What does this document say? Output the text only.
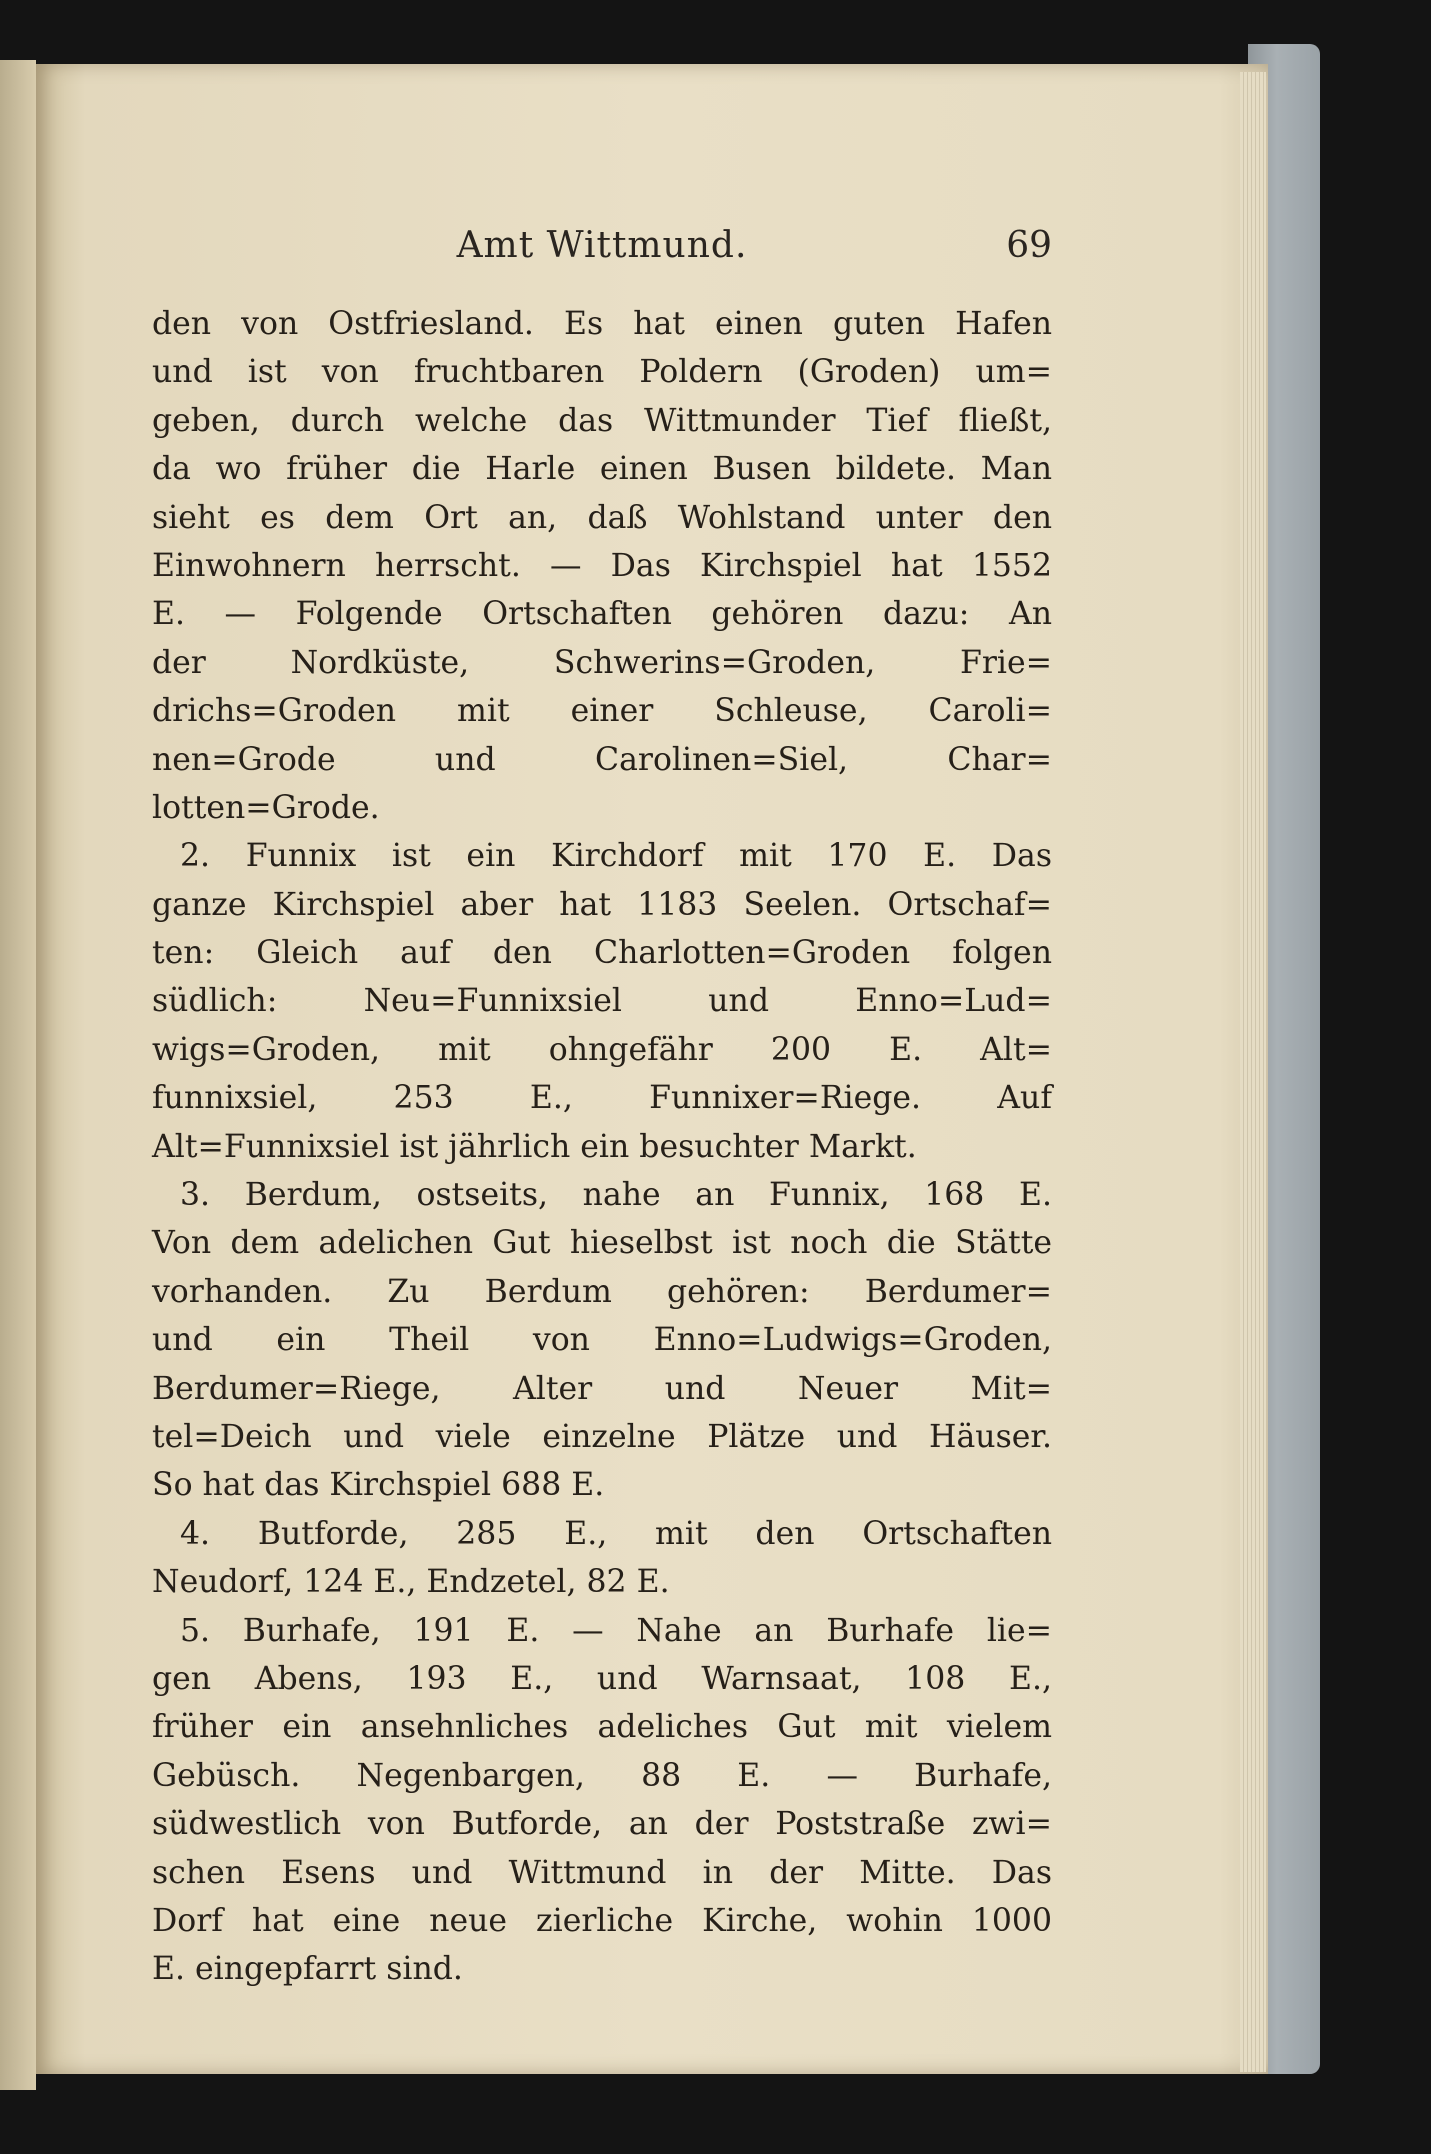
Amt Wittmund.	69
den von Ostfriesland. Es hat einen guten Hafen
und ist von fruchtbaren Poldern (Groden) um=
geben, durch welche das Wittmunder Tief fließt,
da wo früher die Harle einen Busen bildete. Man
sieht es dem Ort an, daß Wohlstand unter den
Einwohnern herrscht. — Das Kirchspiel hat 1552
E. — Folgende Ortschaften gehören dazu: An
der Nordküste, Schwerins=Groden, Frie=
drichs=Groden mit einer Schleuse, Caroli=
nen=Grode und Carolinen=Siel, Char=
lotten=Grode.
2. Funnix ist ein Kirchdorf mit 170 E. Das
ganze Kirchspiel aber hat 1183 Seelen. Ortschaf=
ten: Gleich auf den Charlotten=Groden folgen
südlich: Neu=Funnixsiel und Enno=Lud=
wigs=Groden, mit ohngefähr 200 E. Alt=
funnixsiel, 253 E., Funnixer=Riege. Auf
Alt=Funnixsiel ist jährlich ein besuchter Markt.
3. Berdum, ostseits, nahe an Funnix, 168 E.
Von dem adelichen Gut hieselbst ist noch die Stätte
vorhanden. Zu Berdum gehören: Berdumer=
und ein Theil von Enno=Ludwigs=Groden,
Berdumer=Riege, Alter und Neuer Mit=
tel=Deich und viele einzelne Plätze und Häuser.
So hat das Kirchspiel 688 E.
4. Butforde, 285 E., mit den Ortschaften
Neudorf, 124 E., Endzetel, 82 E.
5. Burhafe, 191 E. — Nahe an Burhafe lie=
gen Abens, 193 E., und Warnsaat, 108 E.,
früher ein ansehnliches adeliches Gut mit vielem
Gebüsch. Negenbargen, 88 E. — Burhafe,
südwestlich von Butforde, an der Poststraße zwi=
schen Esens und Wittmund in der Mitte. Das
Dorf hat eine neue zierliche Kirche, wohin 1000
E. eingepfarrt sind.
